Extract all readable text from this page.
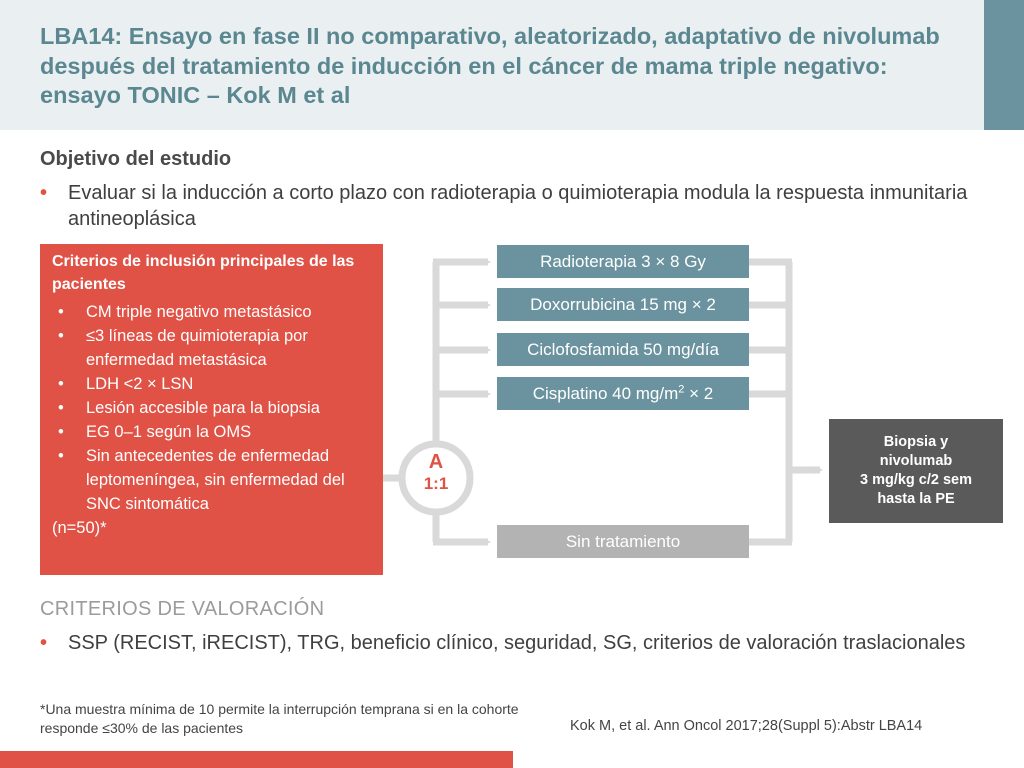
LBA14: Ensayo en fase II no comparativo, aleatorizado, adaptativo de nivolumab después del tratamiento de inducción en el cáncer de mama triple negativo: ensayo TONIC – Kok M et al
Objetivo del estudio
• Evaluar si la inducción a corto plazo con radioterapia o quimioterapia modula la respuesta inmunitaria antineoplásica
Criterios de inclusión principales de las pacientes
• CM triple negativo metastásico
• ≤3 líneas de quimioterapia por enfermedad metastásica
• LDH <2 × LSN
• Lesión accesible para la biopsia
• EG 0–1 según la OMS
• Sin antecedentes de enfermedad leptomeníngea, sin enfermedad del SNC sintomática
(n=50)*
A
1:1
Radioterapia 3 × 8 Gy
Doxorrubicina 15 mg × 2
Ciclofosfamida 50 mg/día
Cisplatino 40 $mg/m^2 \times 2$
Sin tratamiento
Biopsia y
nivolumab
3 mg/kg c/2 sem
hasta la PE
CRITERIOS DE VALORACIÓN
• SSP (RECIST, iRECIST), TRG, beneficio clínico, seguridad, SG, criterios de valoración traslacionales
*Una muestra mínima de 10 permite la interrupción temprana si en la cohorte responde ≤30% de las pacientes	Kok M, et al. Ann Oncol 2017;28(Suppl 5):Abstr LBA14
